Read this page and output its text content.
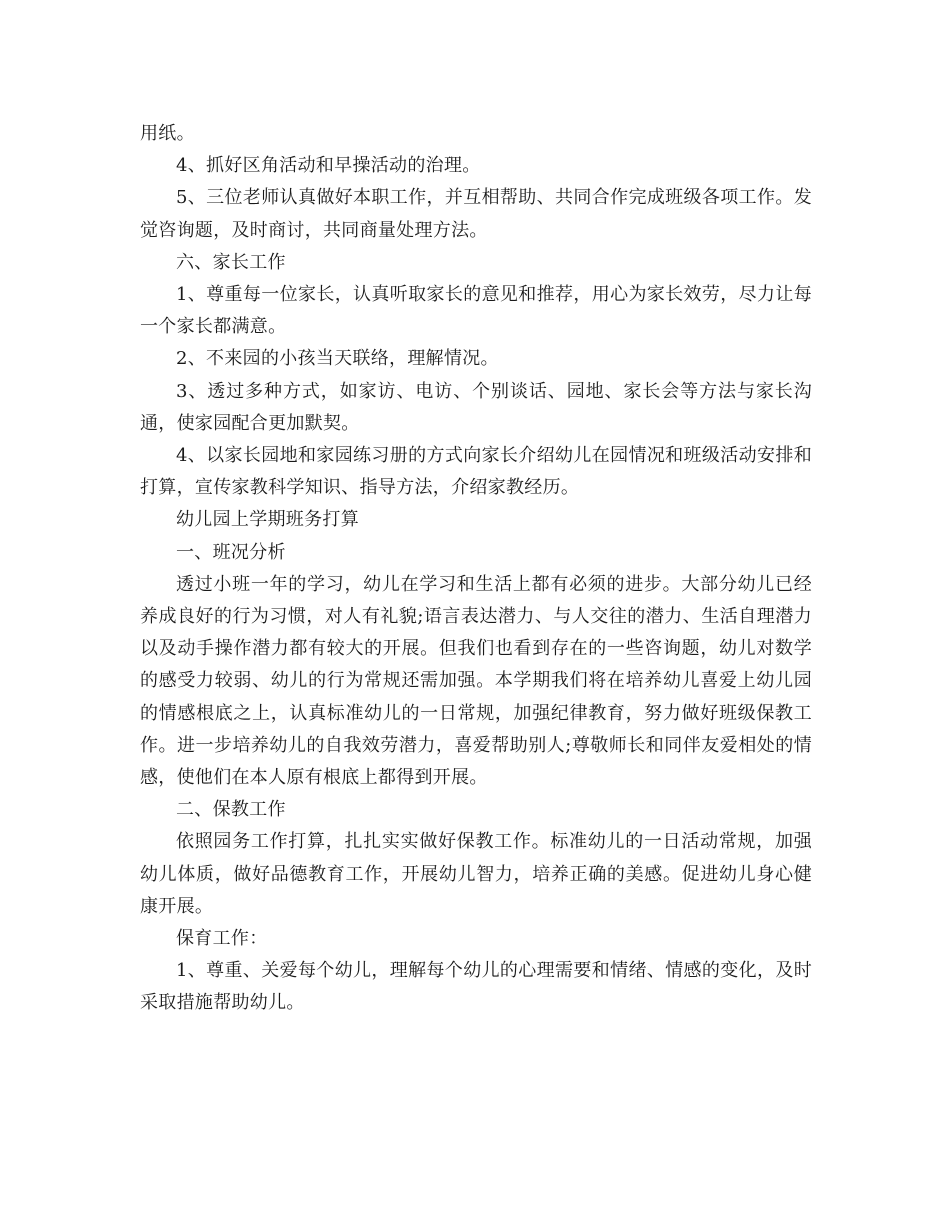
用纸。

4、抓好区角活动和早操活动的治理。

5、三位老师认真做好本职工作，并互相帮助、共同合作完成班级各项工作。发觉咨询题，及时商讨，共同商量处理方法。

六、家长工作

1、尊重每一位家长，认真听取家长的意见和推荐，用心为家长效劳，尽力让每一个家长都满意。

2、不来园的小孩当天联络，理解情况。

3、透过多种方式，如家访、电访、个别谈话、园地、家长会等方法与家长沟通，使家园配合更加默契。

4、以家长园地和家园练习册的方式向家长介绍幼儿在园情况和班级活动安排和打算，宣传家教科学知识、指导方法，介绍家教经历。

幼儿园上学期班务打算

一、班况分析

透过小班一年的学习，幼儿在学习和生活上都有必须的进步。大部分幼儿已经养成良好的行为习惯，对人有礼貌;语言表达潜力、与人交往的潜力、生活自理潜力以及动手操作潜力都有较大的开展。但我们也看到存在的一些咨询题，幼儿对数学的感受力较弱、幼儿的行为常规还需加强。本学期我们将在培养幼儿喜爱上幼儿园的情感根底之上，认真标准幼儿的一日常规，加强纪律教育，努力做好班级保教工作。进一步培养幼儿的自我效劳潜力，喜爱帮助别人;尊敬师长和同伴友爱相处的情感，使他们在本人原有根底上都得到开展。

二、保教工作

依照园务工作打算，扎扎实实做好保教工作。标准幼儿的一日活动常规，加强幼儿体质，做好品德教育工作，开展幼儿智力，培养正确的美感。促进幼儿身心健康开展。

保育工作：

1、尊重、关爱每个幼儿，理解每个幼儿的心理需要和情绪、情感的变化，及时采取措施帮助幼儿。
